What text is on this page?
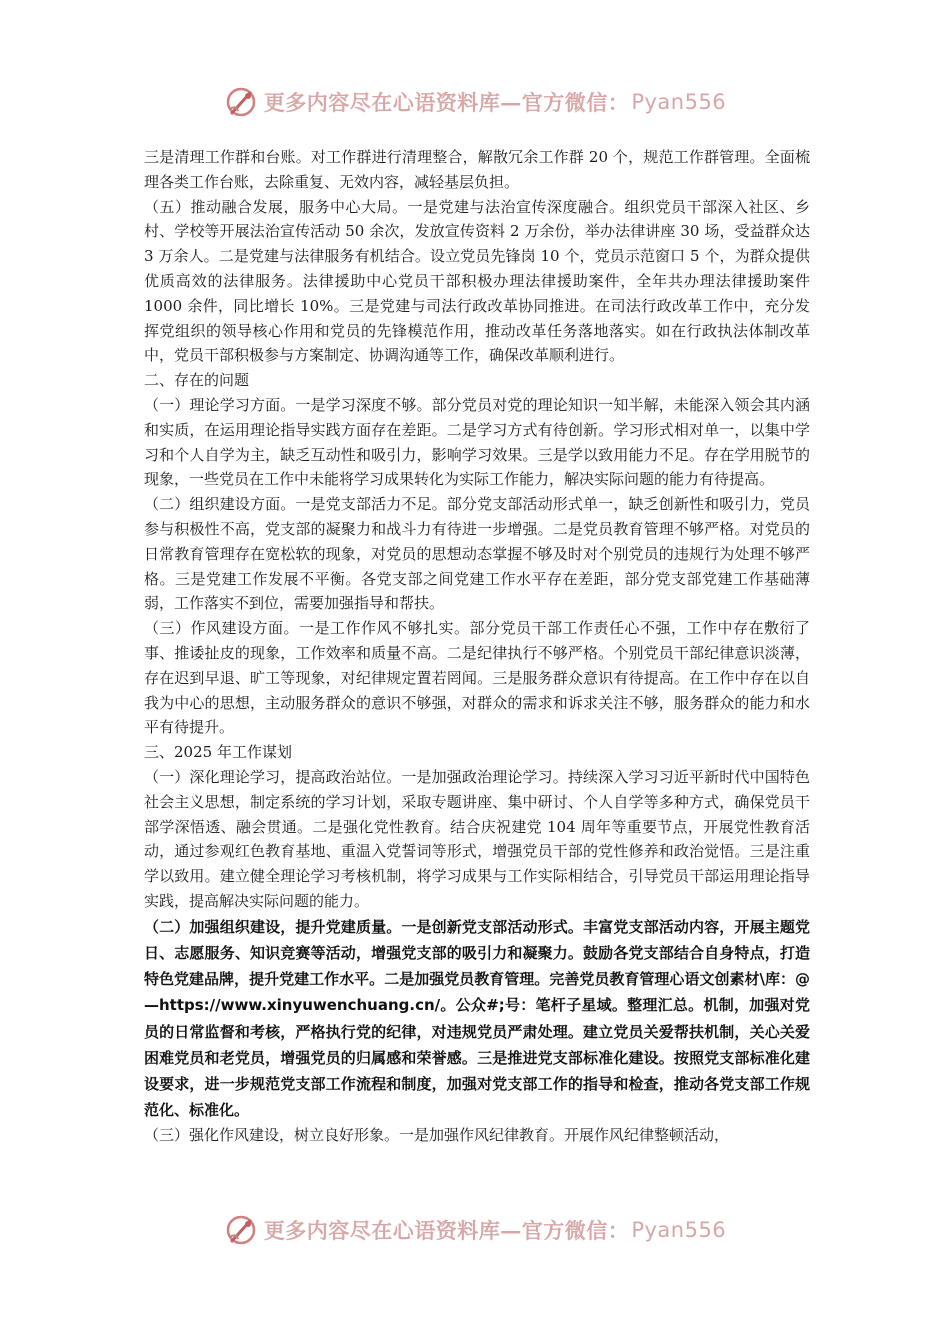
更多内容尽在心语资料库—官方微信： Pyan556

三是清理工作群和台账。对工作群进行清理整合，解散冗余工作群 20 个，规范工作群管理。全面梳理各类工作台账，去除重复、无效内容，减轻基层负担。

（五）推动融合发展，服务中心大局。一是党建与法治宣传深度融合。组织党员干部深入社区、乡村、学校等开展法治宣传活动 50 余次，发放宣传资料 2 万余份，举办法律讲座 30 场，受益群众达 3 万余人。二是党建与法律服务有机结合。设立党员先锋岗 10 个，党员示范窗口 5 个，为群众提供优质高效的法律服务。法律援助中心党员干部积极办理法律援助案件，全年共办理法律援助案件 1000 余件，同比增长 10%。三是党建与司法行政改革协同推进。在司法行政改革工作中，充分发挥党组织的领导核心作用和党员的先锋模范作用，推动改革任务落地落实。如在行政执法体制改革中，党员干部积极参与方案制定、协调沟通等工作，确保改革顺利进行。

二、存在的问题

（一）理论学习方面。一是学习深度不够。部分党员对党的理论知识一知半解，未能深入领会其内涵和实质，在运用理论指导实践方面存在差距。二是学习方式有待创新。学习形式相对单一，以集中学习和个人自学为主，缺乏互动性和吸引力，影响学习效果。三是学以致用能力不足。存在学用脱节的现象，一些党员在工作中未能将学习成果转化为实际工作能力，解决实际问题的能力有待提高。

（二）组织建设方面。一是党支部活力不足。部分党支部活动形式单一，缺乏创新性和吸引力，党员参与积极性不高，党支部的凝聚力和战斗力有待进一步增强。二是党员教育管理不够严格。对党员的日常教育管理存在宽松软的现象，对党员的思想动态掌握不够及时对个别党员的违规行为处理不够严格。三是党建工作发展不平衡。各党支部之间党建工作水平存在差距，部分党支部党建工作基础薄弱，工作落实不到位，需要加强指导和帮扶。

（三）作风建设方面。一是工作作风不够扎实。部分党员干部工作责任心不强，工作中存在敷衍了事、推诿扯皮的现象，工作效率和质量不高。二是纪律执行不够严格。个别党员干部纪律意识淡薄，存在迟到早退、旷工等现象，对纪律规定置若罔闻。三是服务群众意识有待提高。在工作中存在以自我为中心的思想，主动服务群众的意识不够强，对群众的需求和诉求关注不够，服务群众的能力和水平有待提升。

三、2025 年工作谋划

（一）深化理论学习，提高政治站位。一是加强政治理论学习。持续深入学习习近平新时代中国特色社会主义思想，制定系统的学习计划，采取专题讲座、集中研讨、个人自学等多种方式，确保党员干部学深悟透、融会贯通。二是强化党性教育。结合庆祝建党 104 周年等重要节点，开展党性教育活动，通过参观红色教育基地、重温入党誓词等形式，增强党员干部的党性修养和政治觉悟。三是注重学以致用。建立健全理论学习考核机制，将学习成果与工作实际相结合，引导党员干部运用理论指导实践，提高解决实际问题的能力。

（二）加强组织建设，提升党建质量。一是创新党支部活动形式。丰富党支部活动内容，开展主题党日、志愿服务、知识竞赛等活动，增强党支部的吸引力和凝聚力。鼓励各党支部结合自身特点，打造特色党建品牌，提升党建工作水平。二是加强党员教育管理。完善党员教育管理心语文创素材\库：@—https://www.xinyuwenchuang.cn/。公众#;号：笔杆子星域。整理汇总。机制，加强对党员的日常监督和考核，严格执行党的纪律，对违规党员严肃处理。建立党员关爱帮扶机制，关心关爱困难党员和老党员，增强党员的归属感和荣誉感。三是推进党支部标准化建设。按照党支部标准化建设要求，进一步规范党支部工作流程和制度，加强对党支部工作的指导和检查，推动各党支部工作规范化、标准化。

（三）强化作风建设，树立良好形象。一是加强作风纪律教育。开展作风纪律整顿活动，

更多内容尽在心语资料库—官方微信： Pyan556
